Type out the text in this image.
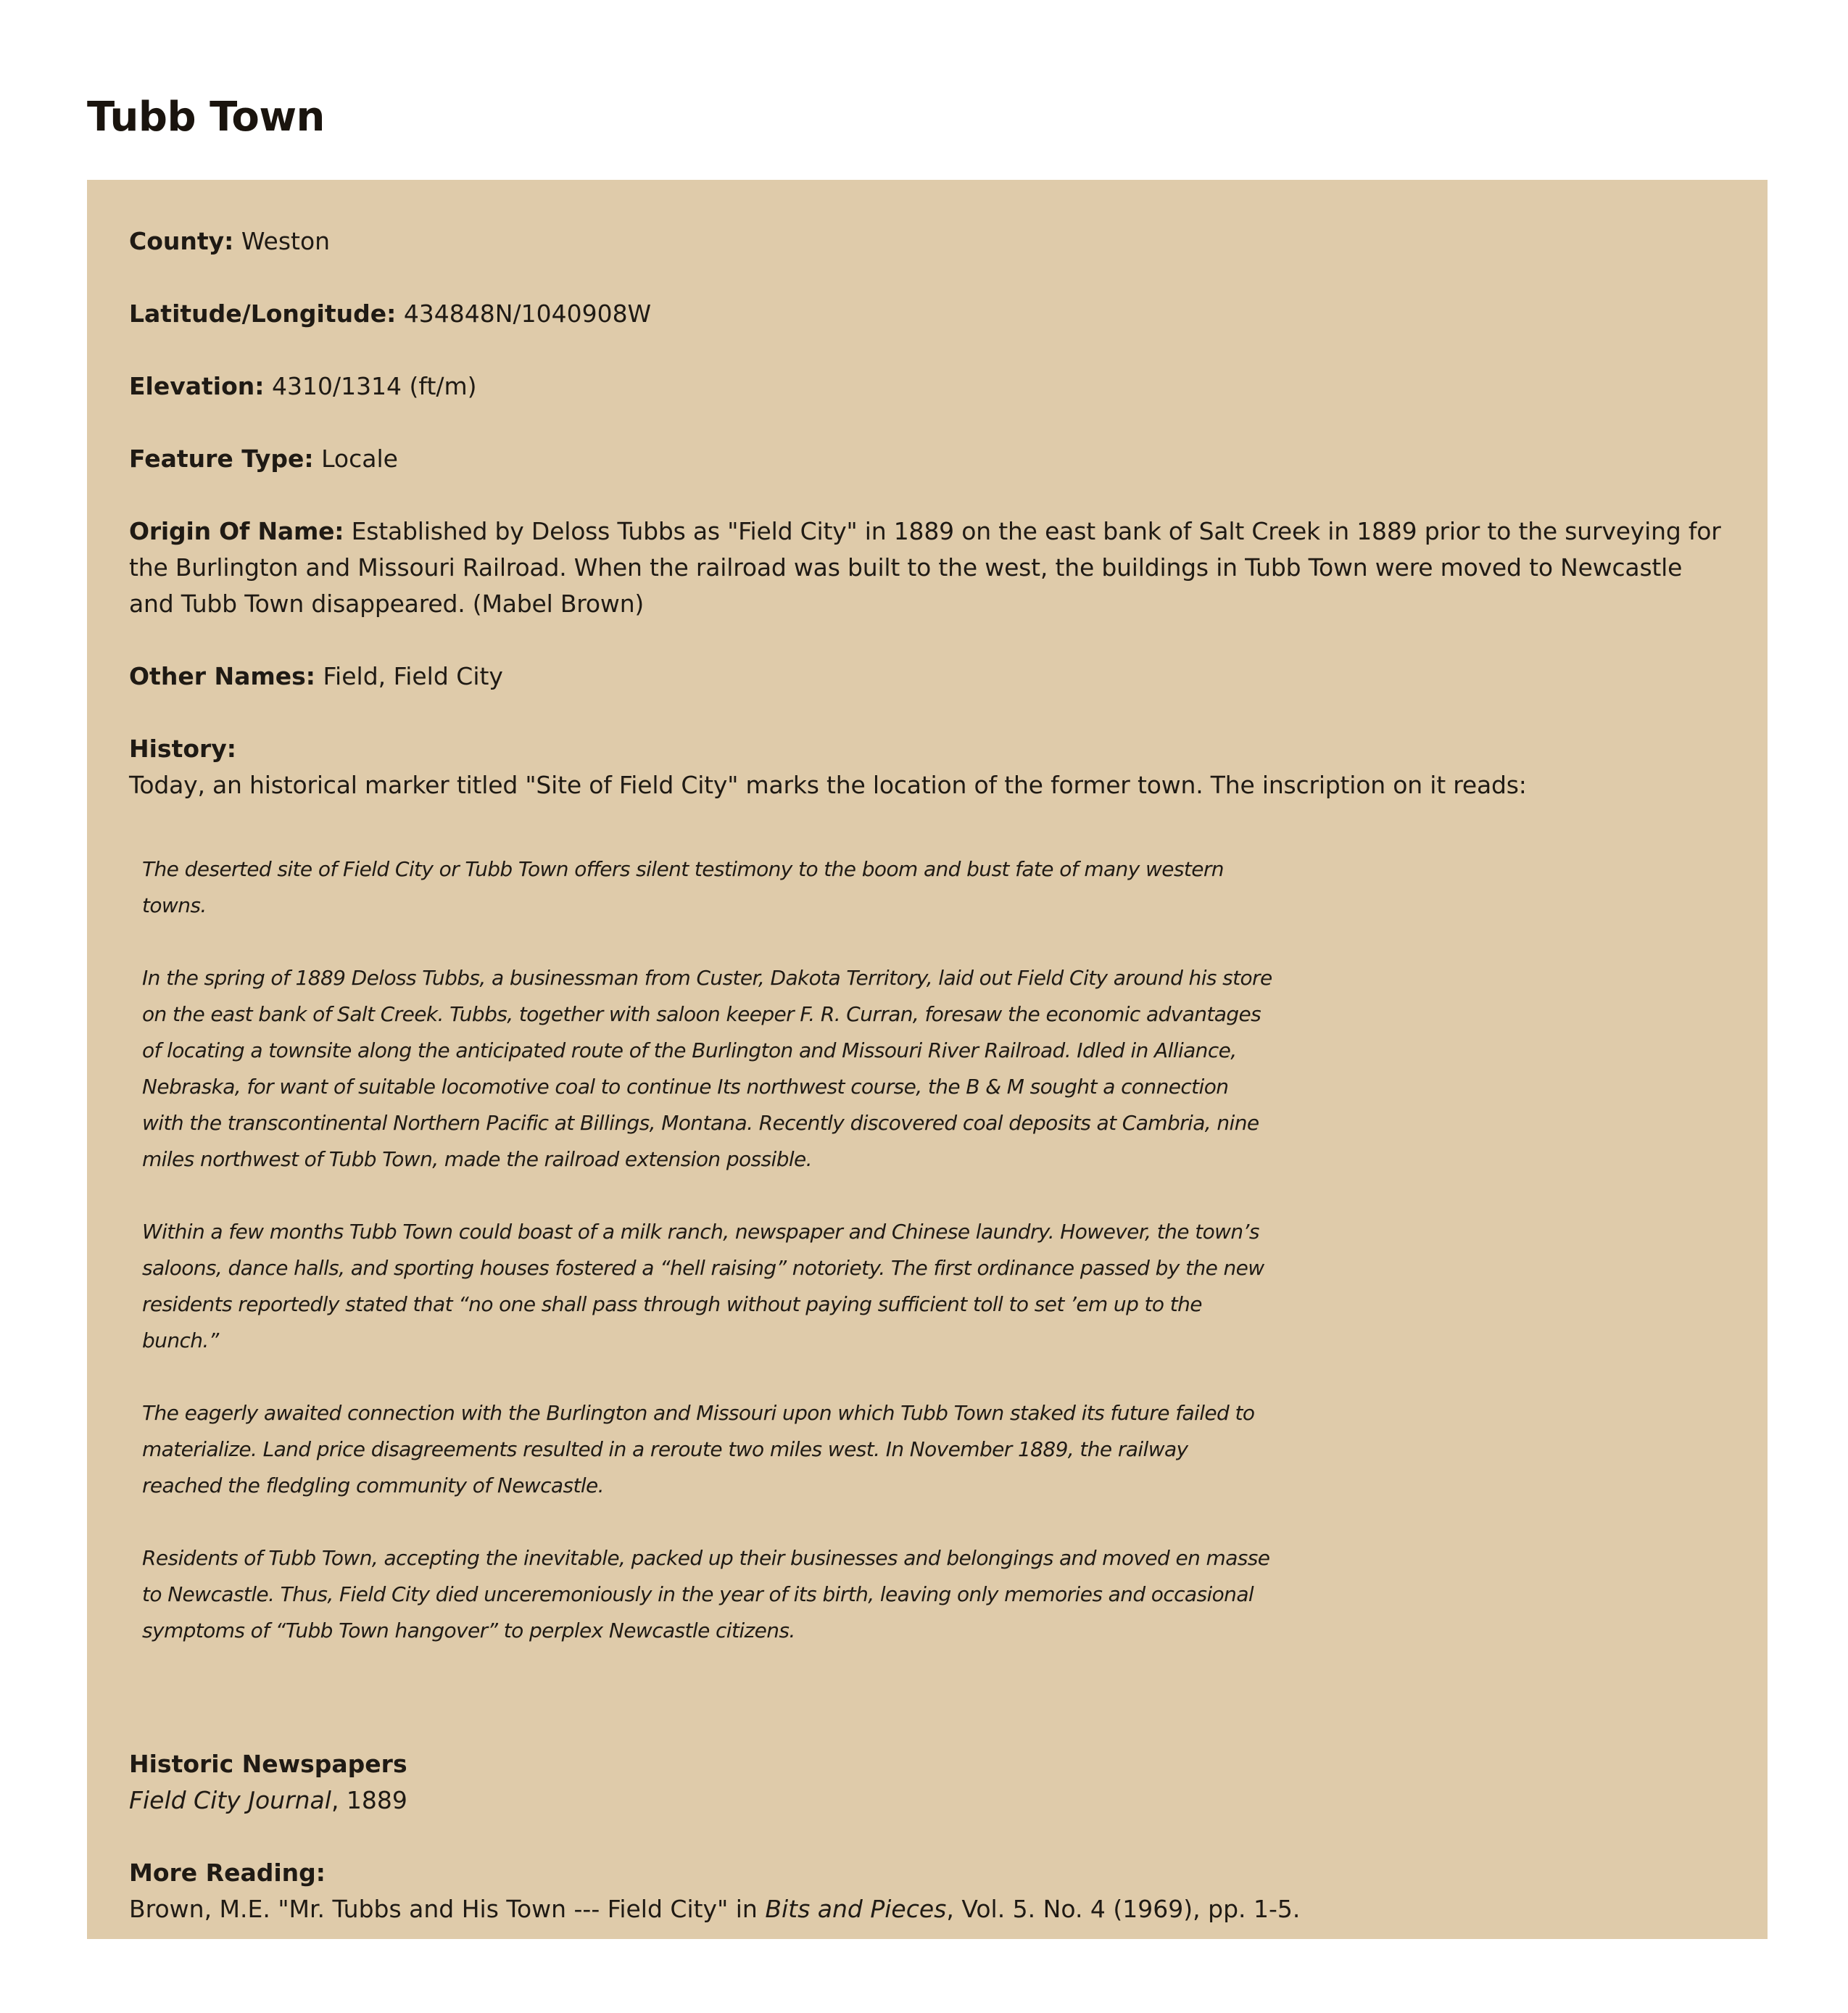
Tubb Town

County: Weston

Latitude/Longitude: 434848N/1040908W

Elevation: 4310/1314 (ft/m)

Feature Type: Locale

Origin Of Name: Established by Deloss Tubbs as "Field City" in 1889 on the east bank of Salt Creek in 1889 prior to the surveying for the Burlington and Missouri Railroad. When the railroad was built to the west, the buildings in Tubb Town were moved to Newcastle and Tubb Town disappeared. (Mabel Brown)

Other Names: Field, Field City

History:

Today, an historical marker titled "Site of Field City" marks the location of the former town. The inscription on it reads:

The deserted site of Field City or Tubb Town offers silent testimony to the boom and bust fate of many western towns.

In the spring of 1889 Deloss Tubbs, a businessman from Custer, Dakota Territory, laid out Field City around his store on the east bank of Salt Creek. Tubbs, together with saloon keeper F. R. Curran, foresaw the economic advantages of locating a townsite along the anticipated route of the Burlington and Missouri River Railroad. Idled in Alliance, Nebraska, for want of suitable locomotive coal to continue Its northwest course, the B & M sought a connection with the transcontinental Northern Pacific at Billings, Montana. Recently discovered coal deposits at Cambria, nine miles northwest of Tubb Town, made the railroad extension possible.

Within a few months Tubb Town could boast of a milk ranch, newspaper and Chinese laundry. However, the town’s saloons, dance halls, and sporting houses fostered a “hell raising” notoriety. The first ordinance passed by the new residents reportedly stated that “no one shall pass through without paying sufficient toll to set ’em up to the bunch.”

The eagerly awaited connection with the Burlington and Missouri upon which Tubb Town staked its future failed to materialize. Land price disagreements resulted in a reroute two miles west. In November 1889, the railway reached the fledgling community of Newcastle.

Residents of Tubb Town, accepting the inevitable, packed up their businesses and belongings and moved en masse to Newcastle. Thus, Field City died unceremoniously in the year of its birth, leaving only memories and occasional symptoms of “Tubb Town hangover” to perplex Newcastle citizens.

Historic Newspapers

Field City Journal, 1889

More Reading:

Brown, M.E. "Mr. Tubbs and His Town --- Field City" in Bits and Pieces, Vol. 5. No. 4 (1969), pp. 1-5.
